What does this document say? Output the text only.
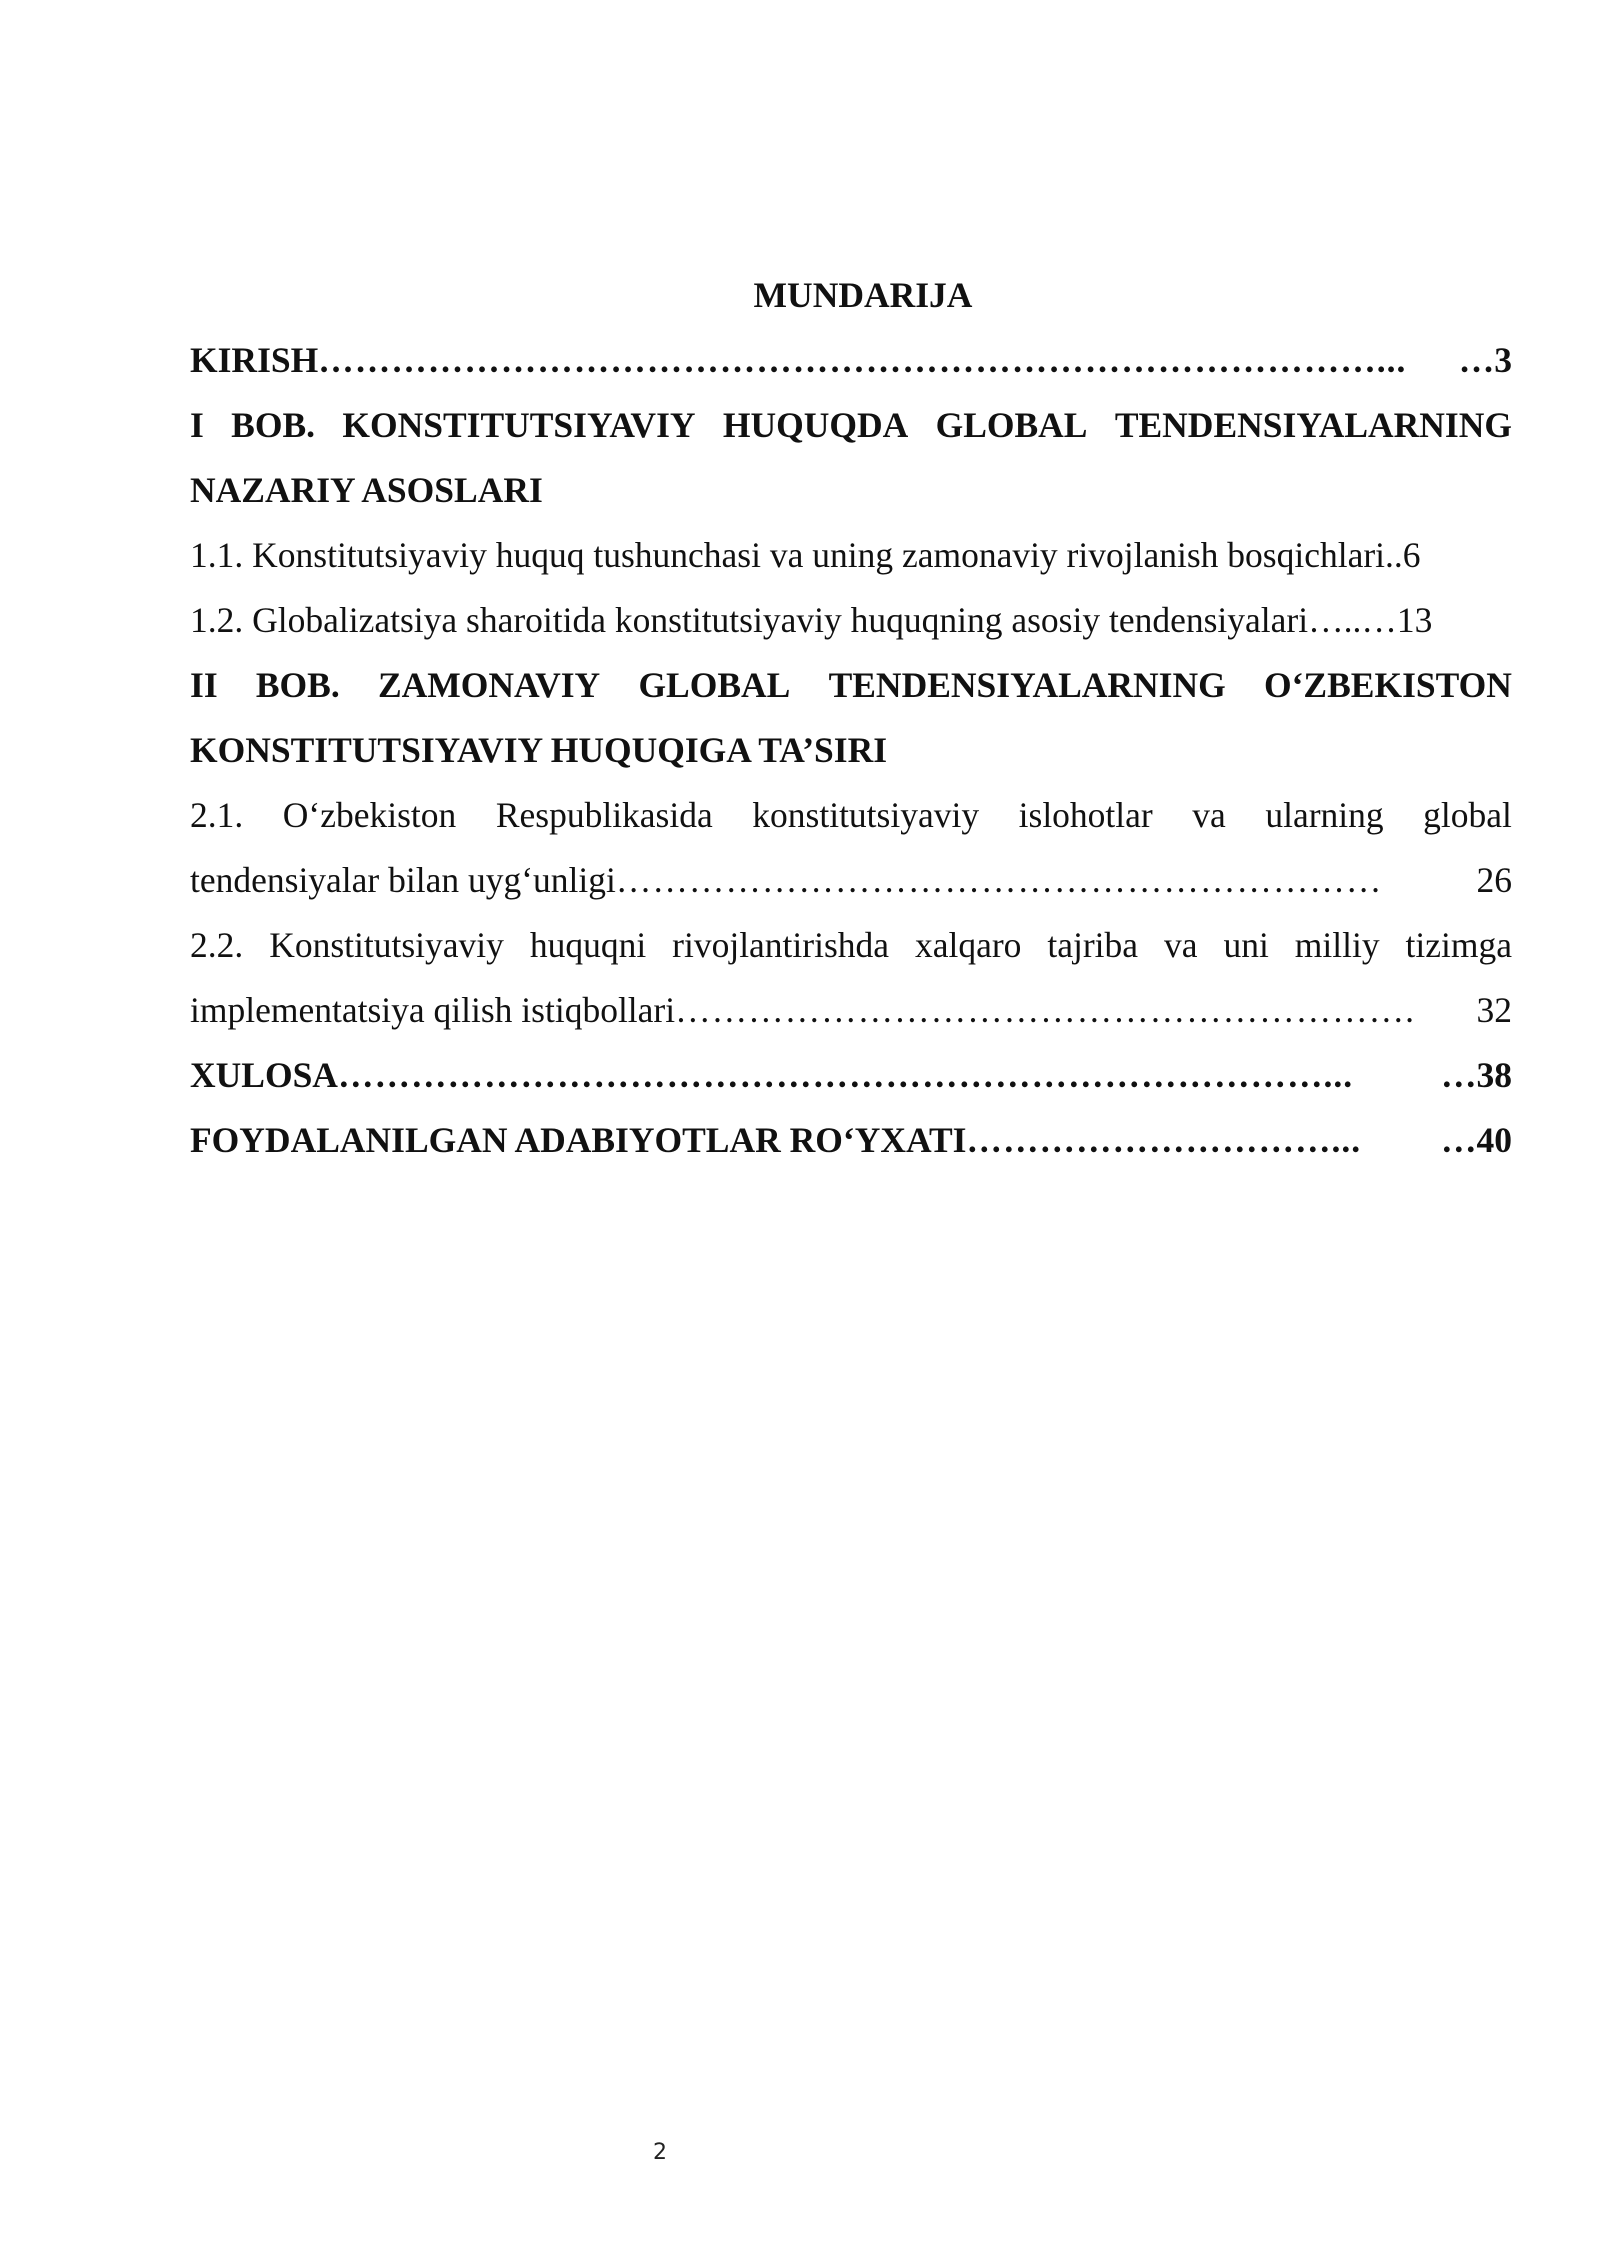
MUNDARIJA
KIRISH ……………………………………………………………………………...	…3
I BOB. KONSTITUTSIYAVIY HUQUQDA GLOBAL TENDENSIYALARNING
NAZARIY ASOSLARI
1.1. Konstitutsiyaviy huquq tushunchasi va uning zamonaviy rivojlanish bosqichlari..6
1.2. Globalizatsiya sharoitida konstitutsiyaviy huquqning asosiy tendensiyalari…..…13
II BOB. ZAMONAVIY GLOBAL TENDENSIYALARNING O‘ZBEKISTON
KONSTITUTSIYAVIY HUQUQIGA TA’SIRI
2.1. O‘zbekiston Respublikasida konstitutsiyaviy islohotlar va ularning global
tendensiyalar bilan uyg‘unligi ………………………………………………………	26
2.2. Konstitutsiyaviy huquqni rivojlantirishda xalqaro tajriba va uni milliy tizimga
implementatsiya qilish istiqbollari …………………………………………………….	32
XULOSA ………………………………………………………………………...	…38
FOYDALANILGAN ADABIYOTLAR RO‘YXATI …………………………...	…40
2
